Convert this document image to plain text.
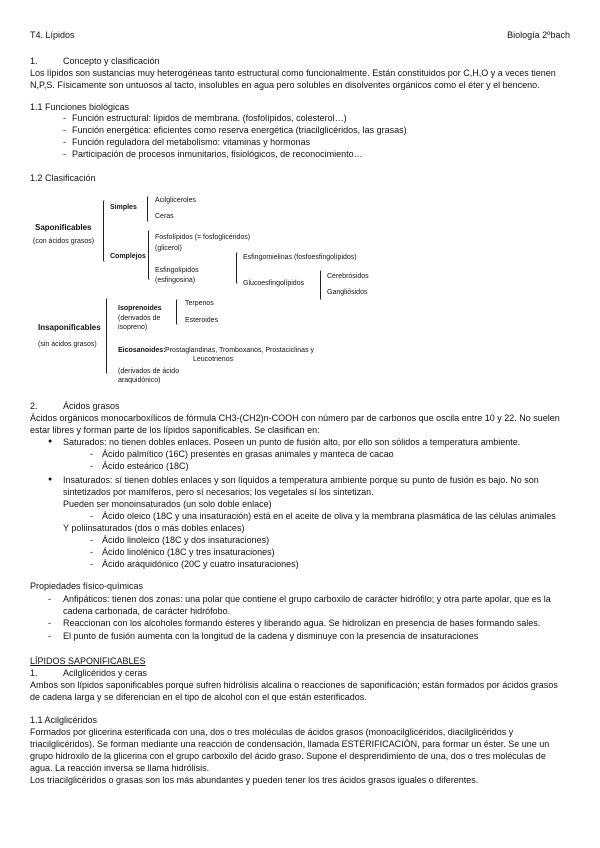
T4. Lípidos	Biología 2ºbach
1.	Concepto y clasificación
Los lípidos son sustancias muy heterogéneas tanto estructural como funcionalmente. Están constituidos por C,H,O y a veces tienen
N,P,S. Físicamente son untuosos al tacto, insolubles en agua pero solubles en disolventes orgánicos como el éter y el benceno.
1.1 Funciones biológicas
- Función estructural: lípidos de membrana. (fosfolípidos, colesterol…)
- Función energética: eficientes como reserva energética (triacilglicéridos, las grasas)
- Función reguladora del metabolismo: vitaminas y hormonas
- Participación de procesos inmunitarios, fisiológicos, de reconocimiento…
1.2 Clasificación
Saponificables
(con ácidos grasos)
Simples
Acilgliceroles
Ceras
Complejos
Fosfolípidos (= fosfoglicéridos)
(glicerol)
Esfingolípidos
(esfingosina)
Esfingomielinas (fosfoesfingolípidos)
Glucoesfingolípidos
Cerebrósidos
Gangliósidos
Insaponificables
(sin ácidos grasos)
Isoprenoides
(derivados de
isopreno)
Terpenos
Esteroides
Eicosanoides: Prostaglandinas, Tromboxanos, Prostaciclinas y
Leucotrienos
(derivados de ácido
araquidónico)
2.	Ácidos grasos
Ácidos orgánicos monocarboxílicos de fórmula CH3-(CH2)n-COOH con número par de carbonos que oscila entre 10 y 22. No suelen
estar libres y forman parte de los lípidos saponificables. Se clasifican en:
● Saturados: no tienen dobles enlaces. Poseen un punto de fusión alto, por ello son sólidos a temperatura ambiente.
- Ácido palmítico (16C) presentes en grasas animales y manteca de cacao
- Ácido esteárico (18C)
● Insaturados: sí tienen dobles enlaces y son líquidos a temperatura ambiente porque su punto de fusión es bajo. No son
sintetizados por mamíferos, pero sí necesarios; los vegetales sí los sintetizan.
Pueden ser monoinsaturados (un solo doble enlace)
- Ácido oleico (18C y una insaturación) está en el aceite de oliva y la membrana plasmática de las células animales
Y poliinsaturados (dos o más dobles enlaces)
- Ácido linoleico (18C y dos insaturaciones)
- Ácido linolénico (18C y tres insaturaciones)
- Ácido araquidónico (20C y cuatro insaturaciones)
Propiedades físico-químicas
- Anfipáticos: tienen dos zonas: una polar que contiene el grupo carboxilo de carácter hidrófilo; y otra parte apolar, que es la
cadena carbonada, de carácter hidrófobo.
- Reaccionan con los alcoholes formando ésteres y liberando agua. Se hidrolizan en presencia de bases formando sales.
- El punto de fusión aumenta con la longitud de la cadena y disminuye con la presencia de insaturaciones
LÍPIDOS SAPONIFICABLES
1.	Acilglicéridos y ceras
Ambos son lípidos saponificables porque sufren hidrólisis alcalina o reacciones de saponificación; están formados por ácidos grasos
de cadena larga y se diferencian en el tipo de alcohol con el que están esterificados.
1.1 Acilglicéridos
Formados por glicerina esterificada con una, dos o tres moléculas de ácidos grasos (monoacilglicéridos, diacilglicéridos y
triacilglicéridos). Se forman mediante una reacción de condensación, llamada ESTERIFICACIÓN, para formar un éster. Se une un
grupo hidroxilo de la glicerina con el grupo carboxilo del ácido graso. Supone el desprendimiento de una, dos o tres moléculas de
agua. La reacción inversa se llama hidrólisis.
Los triacilglicéridos o grasas son los más abundantes y pueden tener los tres ácidos grasos iguales o diferentes.
